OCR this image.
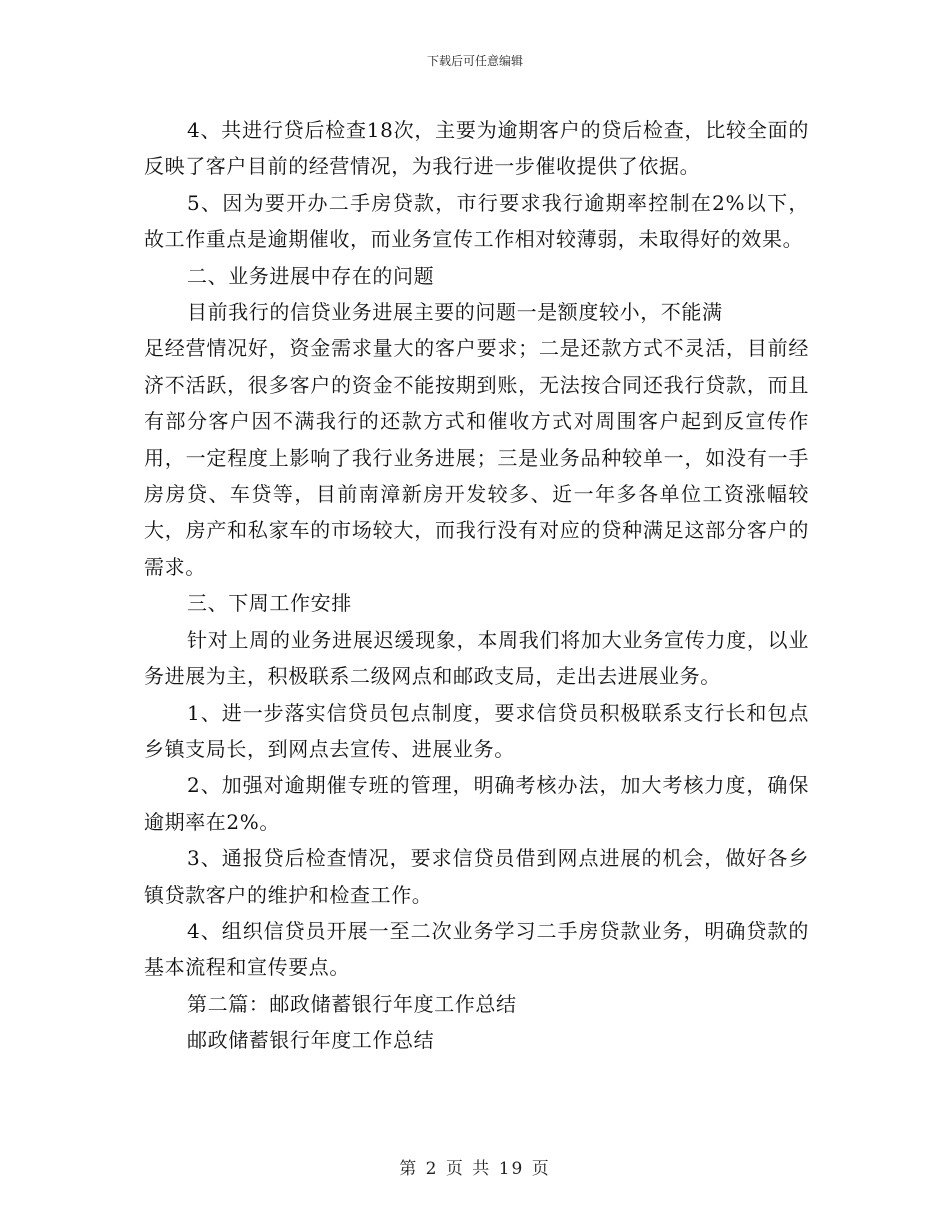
下载后可任意编辑

4、共进行贷后检查18次，主要为逾期客户的贷后检查，比较全面的反映了客户目前的经营情况，为我行进一步催收提供了依据。

5、因为要开办二手房贷款，市行要求我行逾期率控制在2%以下，故工作重点是逾期催收，而业务宣传工作相对较薄弱，未取得好的效果。

二、业务进展中存在的问题

目前我行的信贷业务进展主要的问题一是额度较小，不能满

足经营情况好，资金需求量大的客户要求；二是还款方式不灵活，目前经济不活跃，很多客户的资金不能按期到账，无法按合同还我行贷款，而且有部分客户因不满我行的还款方式和催收方式对周围客户起到反宣传作用，一定程度上影响了我行业务进展；三是业务品种较单一，如没有一手房房贷、车贷等，目前南漳新房开发较多、近一年多各单位工资涨幅较大，房产和私家车的市场较大，而我行没有对应的贷种满足这部分客户的需求。

三、下周工作安排

针对上周的业务进展迟缓现象，本周我们将加大业务宣传力度，以业务进展为主，积极联系二级网点和邮政支局，走出去进展业务。

1、进一步落实信贷员包点制度，要求信贷员积极联系支行长和包点乡镇支局长，到网点去宣传、进展业务。

2、加强对逾期催专班的管理，明确考核办法，加大考核力度，确保逾期率在2%。

3、通报贷后检查情况，要求信贷员借到网点进展的机会，做好各乡镇贷款客户的维护和检查工作。

4、组织信贷员开展一至二次业务学习二手房贷款业务，明确贷款的基本流程和宣传要点。

第二篇：邮政储蓄银行年度工作总结

邮政储蓄银行年度工作总结

第 2 页 共 19 页
